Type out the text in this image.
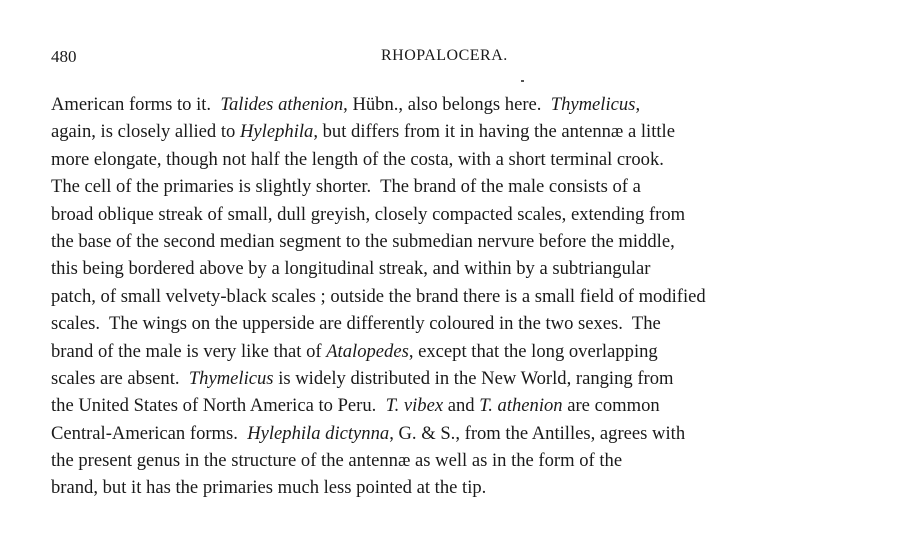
480	RHOPALOCERA.
American forms to it.  Talides athenion, Hübn., also belongs here.  Thymelicus,
again, is closely allied to Hylephila, but differs from it in having the antennæ a little
more elongate, though not half the length of the costa, with a short terminal crook.
The cell of the primaries is slightly shorter.  The brand of the male consists of a
broad oblique streak of small, dull greyish, closely compacted scales, extending from
the base of the second median segment to the submedian nervure before the middle,
this being bordered above by a longitudinal streak, and within by a subtriangular
patch, of small velvety-black scales ; outside the brand there is a small field of modified
scales.  The wings on the upperside are differently coloured in the two sexes.  The
brand of the male is very like that of Atalopedes, except that the long overlapping
scales are absent.  Thymelicus is widely distributed in the New World, ranging from
the United States of North America to Peru.  T. vibex and T. athenion are common
Central-American forms.  Hylephila dictynna, G. & S., from the Antilles, agrees with
the present genus in the structure of the antennæ as well as in the form of the
brand, but it has the primaries much less pointed at the tip.
